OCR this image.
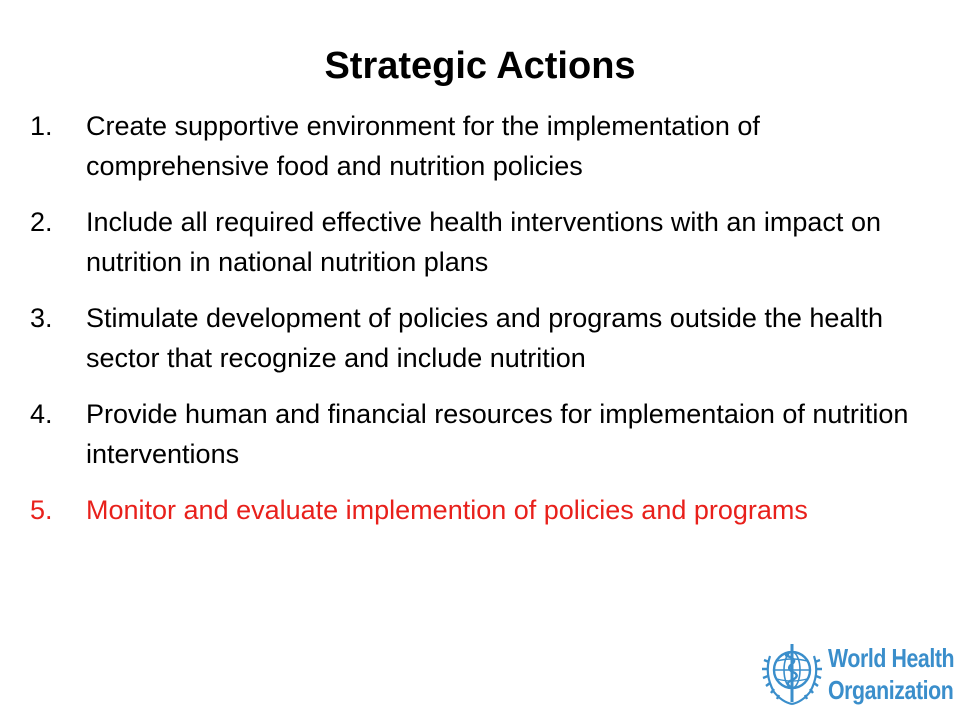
Strategic Actions
1.	Create supportive environment for the implementation of comprehensive food and nutrition policies
2.	Include all required effective health interventions with an impact on nutrition in national nutrition plans
3.	Stimulate development of policies and programs outside the health sector that recognize and include nutrition
4.	Provide human and financial resources for implementaion of nutrition interventions
5.	Monitor and evaluate implemention of policies and programs
World Health
Organization
